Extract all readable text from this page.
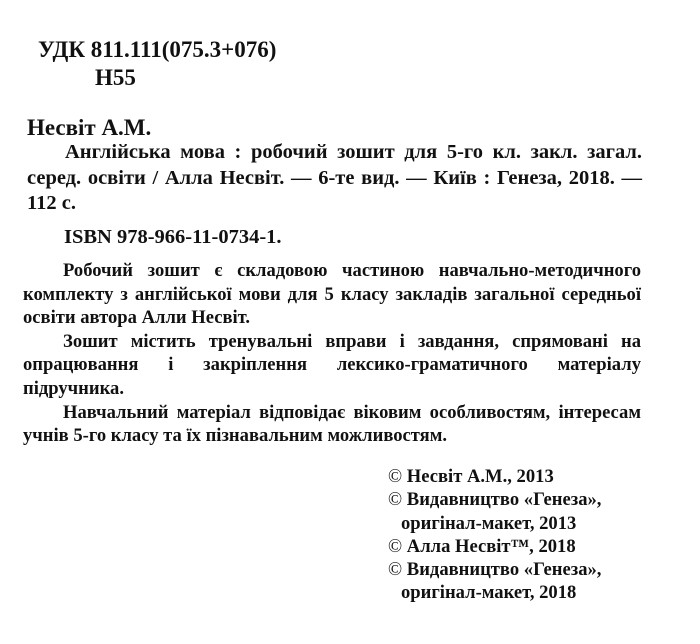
УДК 811.111(075.3+076)
Н55
Несвіт А.М.
Англійська мова : робочий зошит для 5-го кл. закл. загал. серед. освіти / Алла Несвіт. — 6-те вид. — Київ : Генеза, 2018. — 112 с.
ISBN 978-966-11-0734-1.

Робочий зошит є складовою частиною навчально-методичного комплекту з англійської мови для 5 класу закладів загальної середньої освіти автора Алли Несвіт.

Зошит містить тренувальні вправи і завдання, спрямовані на опрацювання і закріплення лексико-граматичного матеріалу підручника.

Навчальний матеріал відповідає віковим особливостям, інтересам учнів 5-го класу та їх пізнавальним можливостям.

© Несвіт А.М., 2013
© Видавництво «Генеза»,
оригінал-макет, 2013
© Алла Несвіт™, 2018
© Видавництво «Генеза»,
оригінал-макет, 2018
